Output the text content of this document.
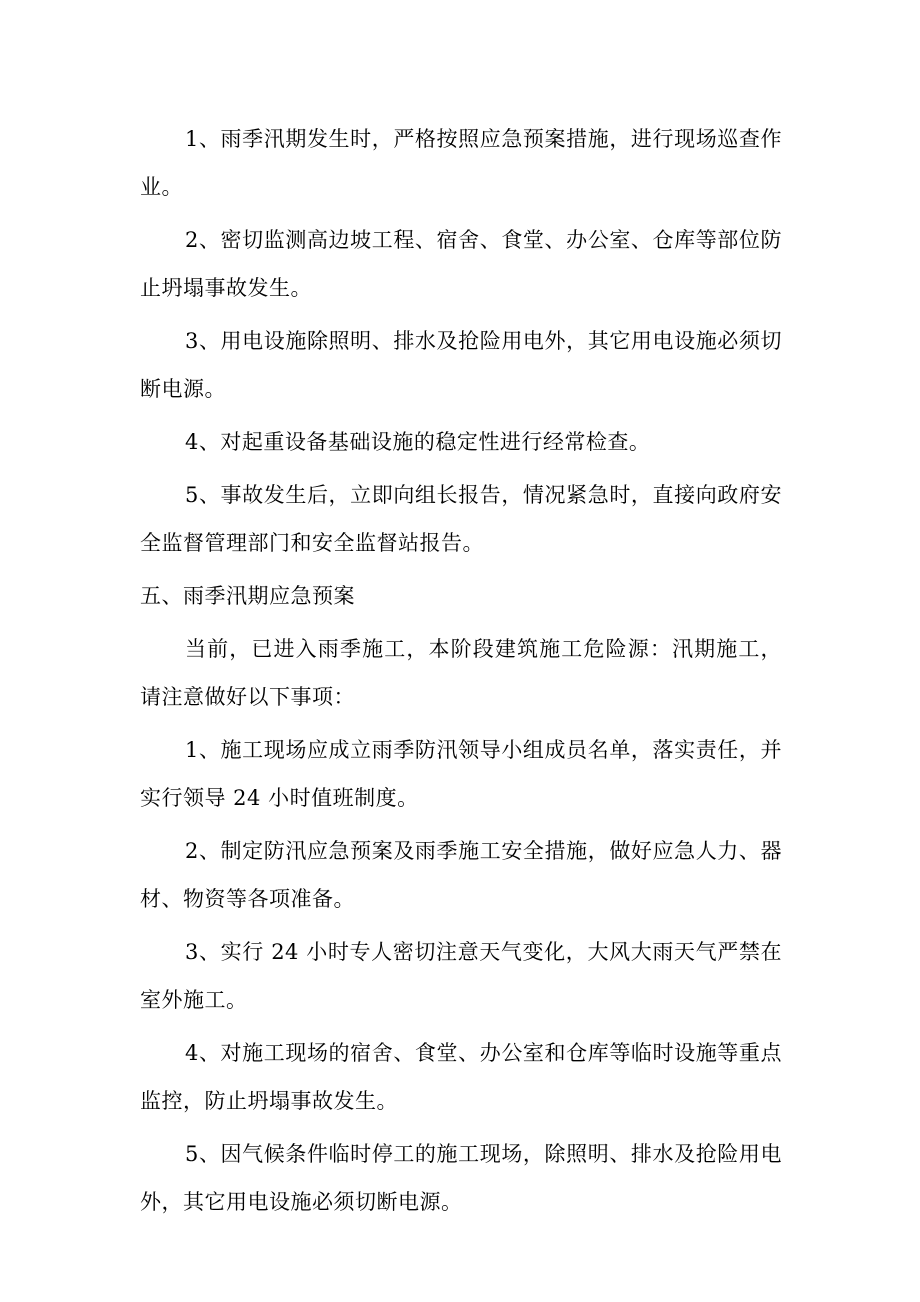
1、雨季汛期发生时，严格按照应急预案措施，进行现场巡查作业。

2、密切监测高边坡工程、宿舍、食堂、办公室、仓库等部位防止坍塌事故发生。

3、用电设施除照明、排水及抢险用电外，其它用电设施必须切断电源。

4、对起重设备基础设施的稳定性进行经常检查。

5、事故发生后，立即向组长报告，情况紧急时，直接向政府安全监督管理部门和安全监督站报告。

五、雨季汛期应急预案

当前，已进入雨季施工，本阶段建筑施工危险源：汛期施工，请注意做好以下事项：

1、施工现场应成立雨季防汛领导小组成员名单，落实责任，并实行领导 24 小时值班制度。

2、制定防汛应急预案及雨季施工安全措施，做好应急人力、器材、物资等各项准备。

3、实行 24 小时专人密切注意天气变化，大风大雨天气严禁在室外施工。

4、对施工现场的宿舍、食堂、办公室和仓库等临时设施等重点监控，防止坍塌事故发生。

5、因气候条件临时停工的施工现场，除照明、排水及抢险用电外，其它用电设施必须切断电源。
